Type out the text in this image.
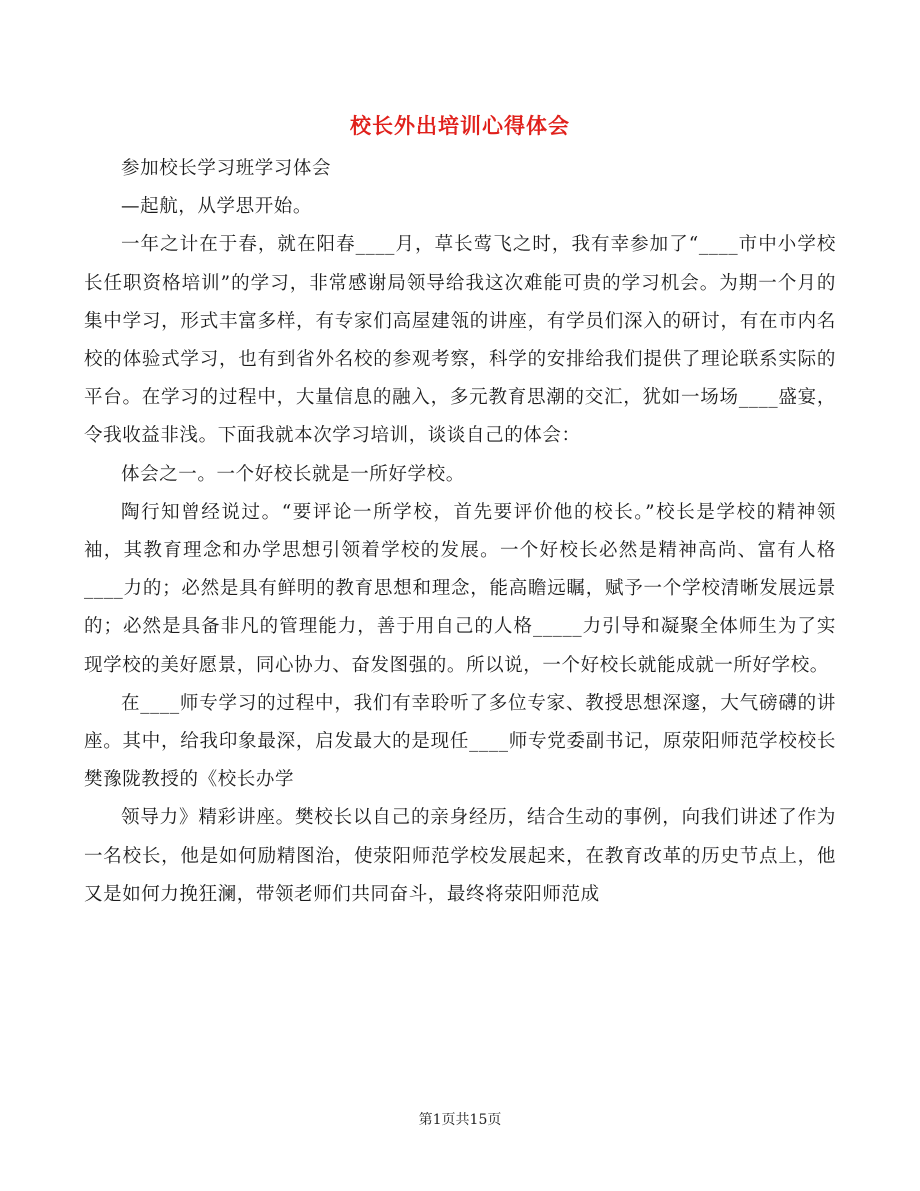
校长外出培训心得体会

参加校长学习班学习体会

—起航，从学思开始。

一年之计在于春，就在阳春____月，草长莺飞之时，我有幸参加了“____市中小学校长任职资格培训”的学习，非常感谢局领导给我这次难能可贵的学习机会。为期一个月的集中学习，形式丰富多样，有专家们高屋建瓴的讲座，有学员们深入的研讨，有在市内名校的体验式学习，也有到省外名校的参观考察，科学的安排给我们提供了理论联系实际的平台。在学习的过程中，大量信息的融入，多元教育思潮的交汇，犹如一场场____盛宴，令我收益非浅。下面我就本次学习培训，谈谈自己的体会：

体会之一。一个好校长就是一所好学校。

陶行知曾经说过。“要评论一所学校，首先要评价他的校长。”校长是学校的精神领袖，其教育理念和办学思想引领着学校的发展。一个好校长必然是精神高尚、富有人格____力的；必然是具有鲜明的教育思想和理念，能高瞻远瞩，赋予一个学校清晰发展远景的；必然是具备非凡的管理能力，善于用自己的人格_____力引导和凝聚全体师生为了实现学校的美好愿景，同心协力、奋发图强的。所以说，一个好校长就能成就一所好学校。

在____师专学习的过程中，我们有幸聆听了多位专家、教授思想深邃，大气磅礴的讲座。其中，给我印象最深，启发最大的是现任____师专党委副书记，原荥阳师范学校校长樊豫陇教授的《校长办学

领导力》精彩讲座。樊校长以自己的亲身经历，结合生动的事例，向我们讲述了作为一名校长，他是如何励精图治，使荥阳师范学校发展起来，在教育改革的历史节点上，他又是如何力挽狂澜，带领老师们共同奋斗，最终将荥阳师范成

第1页共15页
